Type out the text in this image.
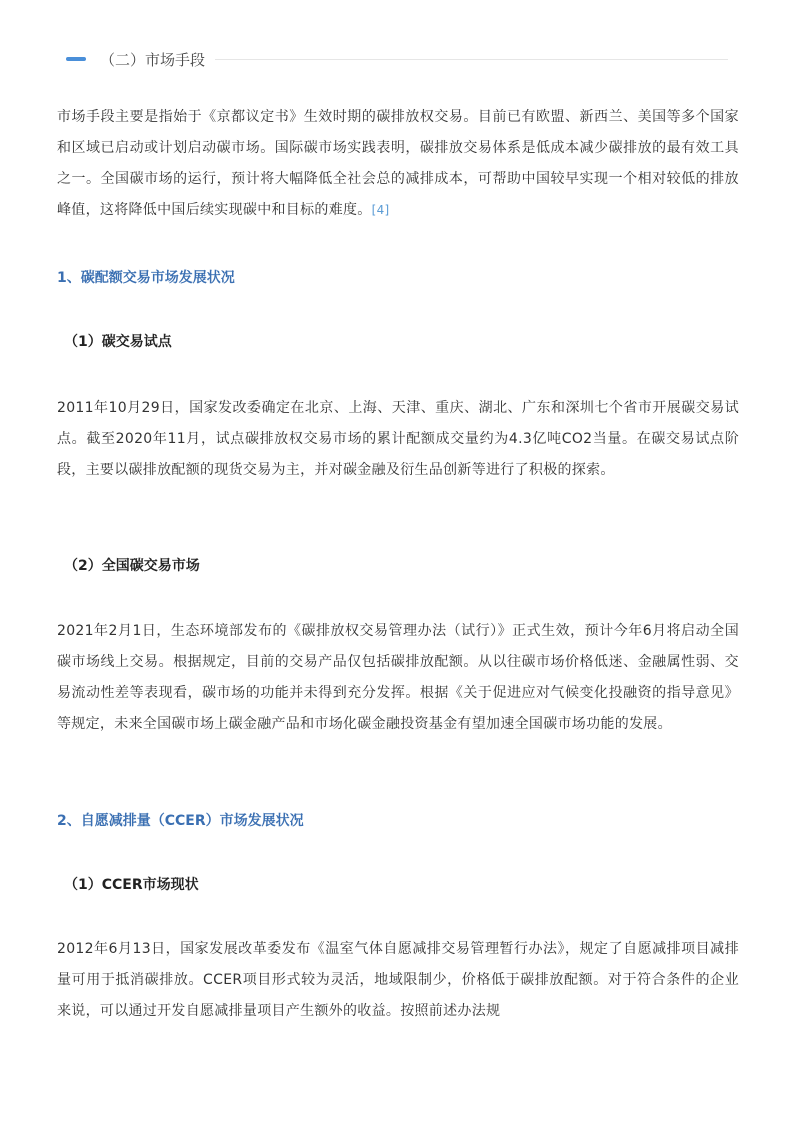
（二）市场手段

市场手段主要是指始于《京都议定书》生效时期的碳排放权交易。目前已有欧盟、新西兰、美国等多个国家和区域已启动或计划启动碳市场。国际碳市场实践表明，碳排放交易体系是低成本减少碳排放的最有效工具之一。全国碳市场的运行，预计将大幅降低全社会总的减排成本，可帮助中国较早实现一个相对较低的排放峰值，这将降低中国后续实现碳中和目标的难度。[4]

1、碳配额交易市场发展状况
（1）碳交易试点

2011年10月29日，国家发改委确定在北京、上海、天津、重庆、湖北、广东和深圳七个省市开展碳交易试点。截至2020年11月，试点碳排放权交易市场的累计配额成交量约为4.3亿吨CO2当量。在碳交易试点阶段，主要以碳排放配额的现货交易为主，并对碳金融及衍生品创新等进行了积极的探索。

（2）全国碳交易市场

2021年2月1日，生态环境部发布的《碳排放权交易管理办法（试行）》正式生效，预计今年6月将启动全国碳市场线上交易。根据规定，目前的交易产品仅包括碳排放配额。从以往碳市场价格低迷、金融属性弱、交易流动性差等表现看，碳市场的功能并未得到充分发挥。根据《关于促进应对气候变化投融资的指导意见》等规定，未来全国碳市场上碳金融产品和市场化碳金融投资基金有望加速全国碳市场功能的发展。

2、自愿减排量（CCER）市场发展状况
（1）CCER市场现状

2012年6月13日，国家发展改革委发布《温室气体自愿减排交易管理暂行办法》，规定了自愿减排项目减排量可用于抵消碳排放。CCER项目形式较为灵活，地域限制少，价格低于碳排放配额。对于符合条件的企业来说，可以通过开发自愿减排量项目产生额外的收益。按照前述办法规
